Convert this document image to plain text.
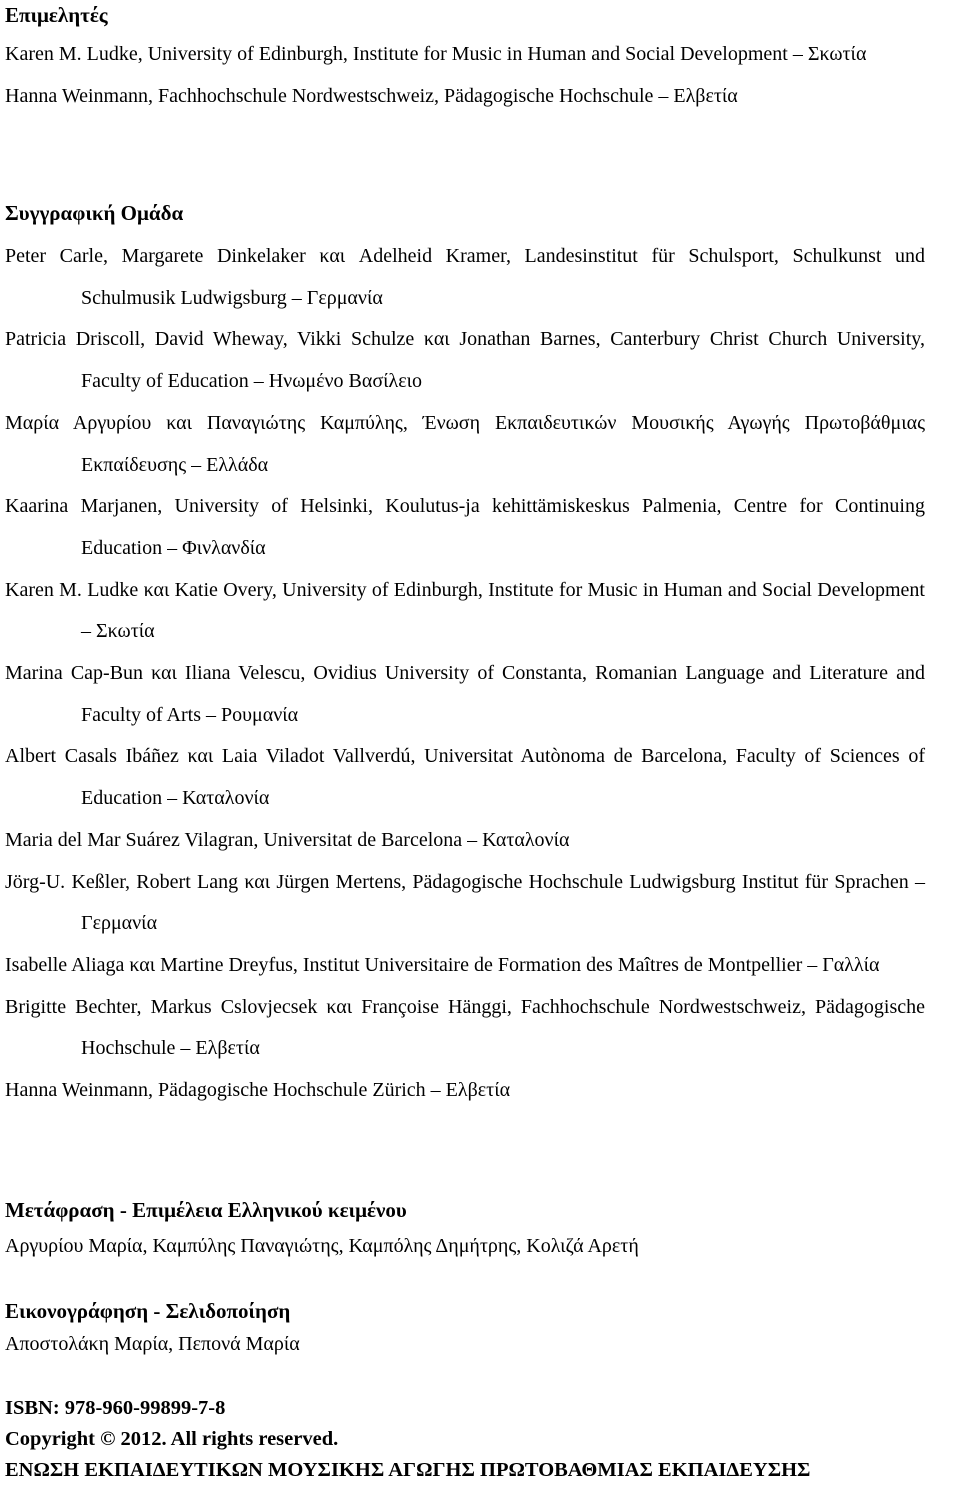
Επιμελητές
Karen M. Ludke, University of Edinburgh, Institute for Music in Human and Social Development – Σκωτία
Hanna Weinmann, Fachhochschule Nordwestschweiz, Pädagogische Hochschule – Ελβετία
Συγγραφική Ομάδα
Peter Carle, Margarete Dinkelaker και Adelheid Kramer, Landesinstitut für Schulsport, Schulkunst und Schulmusik Ludwigsburg – Γερμανία
Patricia Driscoll, David Wheway, Vikki Schulze και Jonathan Barnes, Canterbury Christ Church University, Faculty of Education – Ηνωμένο Βασίλειο
Μαρία Αργυρίου και Παναγιώτης Καμπύλης, Ένωση Εκπαιδευτικών Μουσικής Αγωγής Πρωτοβάθμιας Εκπαίδευσης – Ελλάδα
Kaarina Marjanen, University of Helsinki, Koulutus-ja kehittämiskeskus Palmenia, Centre for Continuing Education – Φινλανδία
Karen M. Ludke και Katie Overy, University of Edinburgh, Institute for Music in Human and Social Development – Σκωτία
Marina Cap-Bun και Iliana Velescu, Ovidius University of Constanta, Romanian Language and Literature and Faculty of Arts – Ρουμανία
Albert Casals Ibáñez και Laia Viladot Vallverdú, Universitat Autònoma de Barcelona, Faculty of Sciences of Education – Καταλονία
Maria del Mar Suárez Vilagran, Universitat de Barcelona – Καταλονία
Jörg-U. Keßler, Robert Lang και Jürgen Mertens, Pädagogische Hochschule Ludwigsburg Institut für Sprachen – Γερμανία
Isabelle Aliaga και Martine Dreyfus, Institut Universitaire de Formation des Maîtres de Montpellier – Γαλλία
Brigitte Bechter, Markus Cslovjecsek και Françoise Hänggi, Fachhochschule Nordwestschweiz, Pädagogische Hochschule – Ελβετία
Hanna Weinmann, Pädagogische Hochschule Zürich – Ελβετία
Μετάφραση - Επιμέλεια Ελληνικού κειμένου
Αργυρίου Μαρία, Καμπύλης Παναγιώτης, Καμπόλης Δημήτρης, Κολιζά Αρετή
Εικονογράφηση - Σελιδοποίηση
Αποστολάκη Μαρία, Πεπονά Μαρία
ISBN: 978-960-99899-7-8
Copyright © 2012. All rights reserved.
ΕΝΩΣΗ ΕΚΠΑΙΔΕΥΤΙΚΩΝ ΜΟΥΣΙΚΗΣ ΑΓΩΓΗΣ ΠΡΩΤΟΒΑΘΜΙΑΣ ΕΚΠΑΙΔΕΥΣΗΣ
